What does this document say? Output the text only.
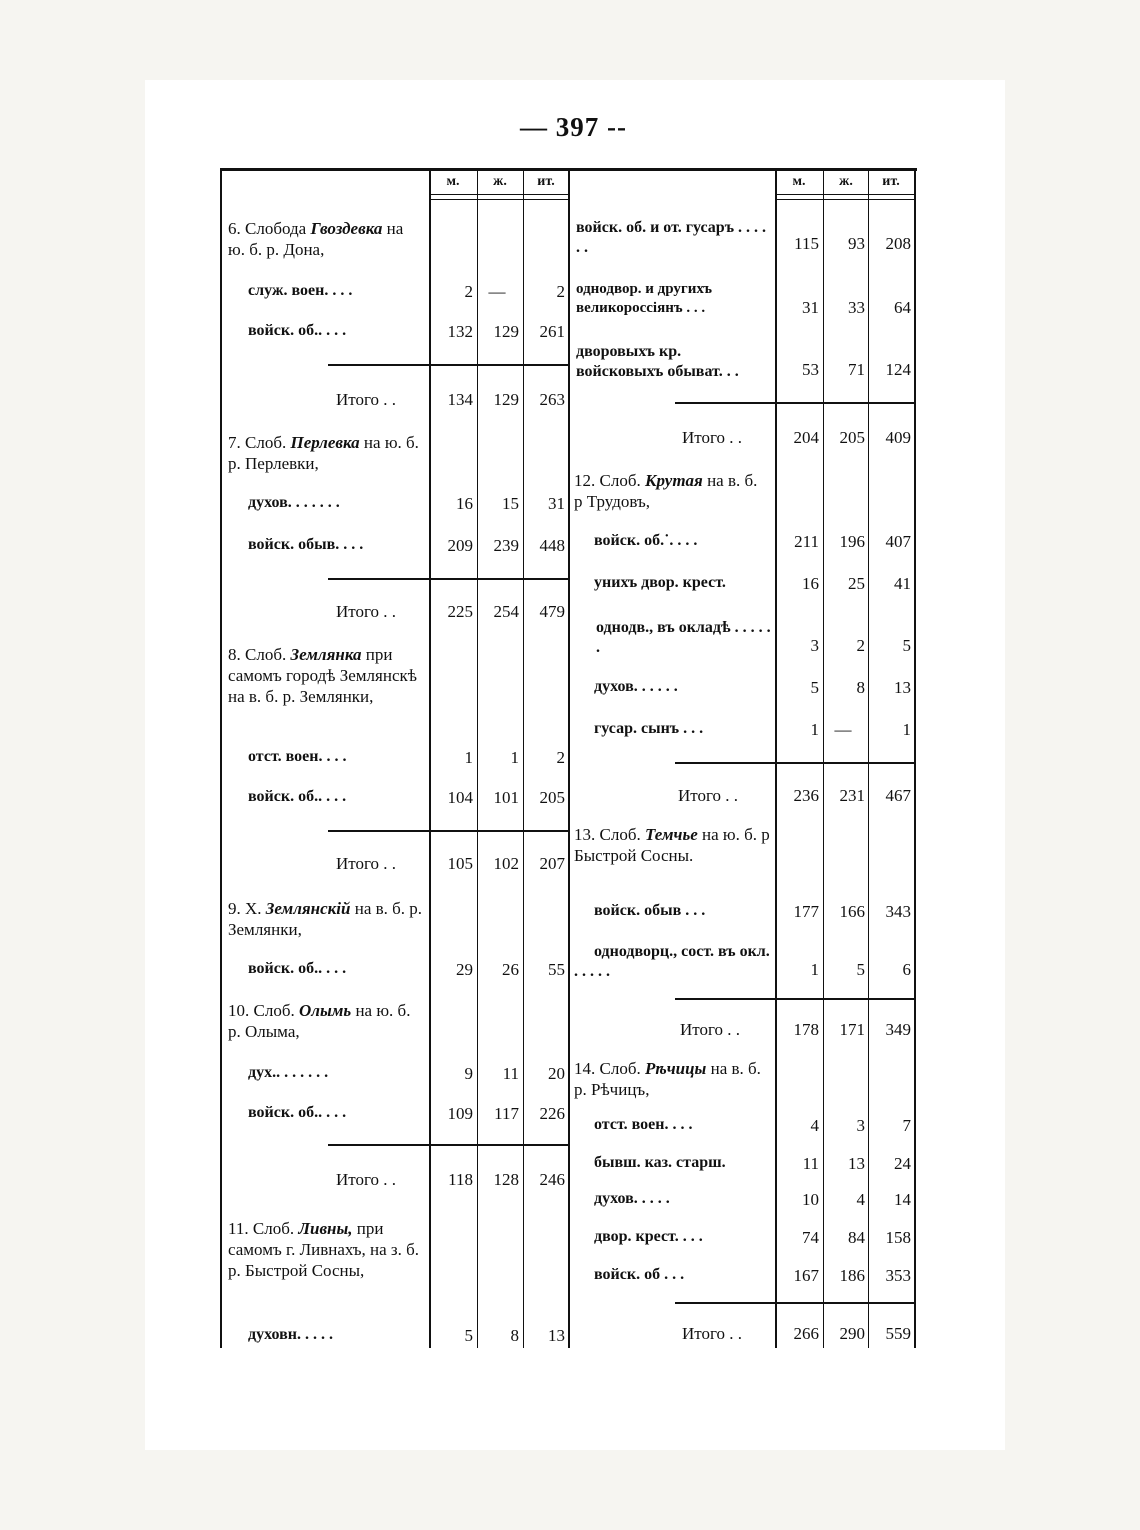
— 397 --
м.	ж.	ит.	м.	ж.	ит.
6. Слобода Гвоздевка на ю. б. р. Дона,
служ. воен. . . .	2 —	2
войск. об.. . . .	132	129	261
Итого . .	134	129	263
7. Слоб. Перлевка на ю. б. р. Перлевки,
духов. . . . . . .	16	15	31
войск. обыв. . . .	209	239	448
Итого . .	225	254	479
8. Слоб. Землянка при самомъ городѣ Землянскѣ на в. б. р. Землянки,
отст. воен. . . .	1	1	2
войск. об.. . . .	104	101	205
Итого . .	105	102	207
9. Х. Землянскій на в. б. р. Землянки,
войск. об.. . . .	29	26	55
10. Слоб. Олымь на ю. б. р. Олыма,
дух.. . . . . . .	9	11	20
войск. об.. . . .	109	117	226
Итого . .	118	128	246
11. Слоб. Ливны, при самомъ г. Ливнахъ, на з. б. р. Быстрой Сосны,
духовн. . . . .	5	8	13
войск. об. и от. гусаръ . . . . . .	115	93	208
однодвор. и другихъ великороссіянъ . . .	31	33	64
дворовыхъ кр. войсковыхъ обыват. . .	53	71	124
Итого . .	204	205	409
12. Слоб. Крутая на в. б. р Трудовъ,
войск. об.˙. . . .	211	196	407
унихъ двор. крест.	16	25	41
однодв., въ окладѣ . . . . . .	3	2	5
духов. . . . . .	5	8	13
гусар. сынъ . . .	1 —	1
Итого . .	236	231	467
13. Слоб. Темчье на ю. б. р Быстрой Сосны.
войск. обыв . . .	177	166	343
однодворц., сост. въ окл. . . . . .	1	5	6
Итого . .	178	171	349
14. Слоб. Рѣчицы на в. б. р. Рѣчицъ,
отст. воен. . . .	4	3	7
бывш. каз. старш.	11	13	24
духов. . . . .	10	4	14
двор. крест. . . .	74	84	158
войск. об . . .	167	186	353
Итого . .	266	290	559
